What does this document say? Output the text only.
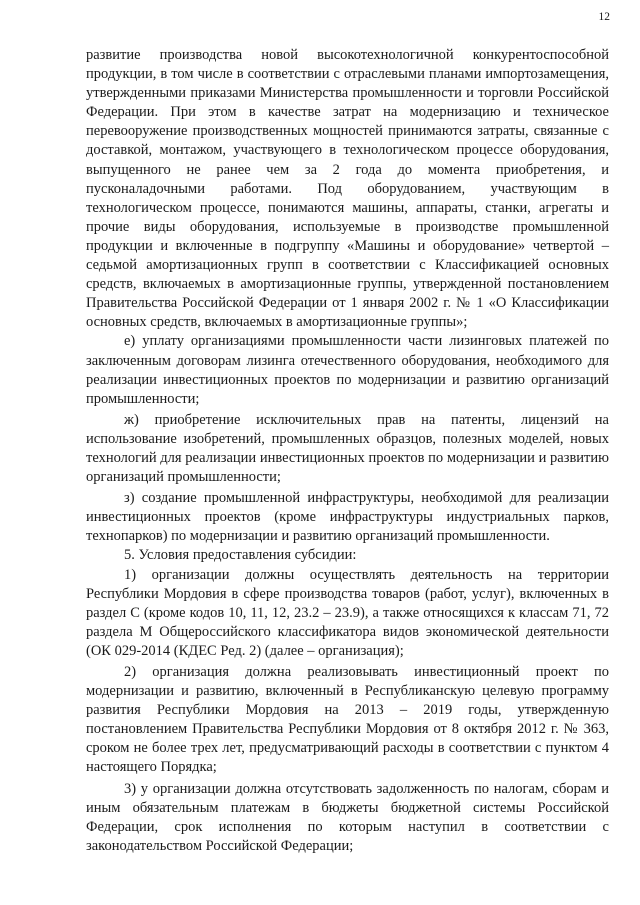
12

развитие производства новой высокотехнологичной конкурентоспособной продукции, в том числе в соответствии с отраслевыми планами импортозамещения, утвержденными приказами Министерства промышленности и торговли Российской Федерации. При этом в качестве затрат на модернизацию и техническое перевооружение производственных мощностей принимаются затраты, связанные с доставкой, монтажом, участвующего в технологическом процессе оборудования, выпущенного не ранее чем за 2 года до момента приобретения, и пусконаладочными работами. Под оборудованием, участвующим в технологическом процессе, понимаются машины, аппараты, станки, агрегаты и прочие виды оборудования, используемые в производстве промышленной продукции и включенные в подгруппу «Машины и оборудование» четвертой – седьмой амортизационных групп в соответствии с Классификацией основных средств, включаемых в амортизационные группы, утвержденной постановлением Правительства Российской Федерации от 1 января 2002 г. № 1 «О Классификации основных средств, включаемых в амортизационные группы»;

е) уплату организациями промышленности части лизинговых платежей по заключенным договорам лизинга отечественного оборудования, необходимого для реализации инвестиционных проектов по модернизации и развитию организаций промышленности;

ж) приобретение исключительных прав на патенты, лицензий на использование изобретений, промышленных образцов, полезных моделей, новых технологий для реализации инвестиционных проектов по модернизации и развитию организаций промышленности;

з) создание промышленной инфраструктуры, необходимой для реализации инвестиционных проектов (кроме инфраструктуры индустриальных парков, технопарков) по модернизации и развитию организаций промышленности.

5. Условия предоставления субсидии:

1) организации должны осуществлять деятельность на территории Республики Мордовия в сфере производства товаров (работ, услуг), включенных в раздел С (кроме кодов 10, 11, 12, 23.2 – 23.9), а также относящихся к классам 71, 72 раздела М Общероссийского классификатора видов экономической деятельности (ОК 029-2014 (КДЕС Ред. 2) (далее – организация);

2) организация должна реализовывать инвестиционный проект по модернизации и развитию, включенный в Республиканскую целевую программу развития Республики Мордовия на 2013 – 2019 годы, утвержденную постановлением Правительства Республики Мордовия от 8 октября 2012 г. № 363, сроком не более трех лет, предусматривающий расходы в соответствии с пунктом 4 настоящего Порядка;

3) у организации должна отсутствовать задолженность по налогам, сборам и иным обязательным платежам в бюджеты бюджетной системы Российской Федерации, срок исполнения по которым наступил в соответствии с законодательством Российской Федерации;
